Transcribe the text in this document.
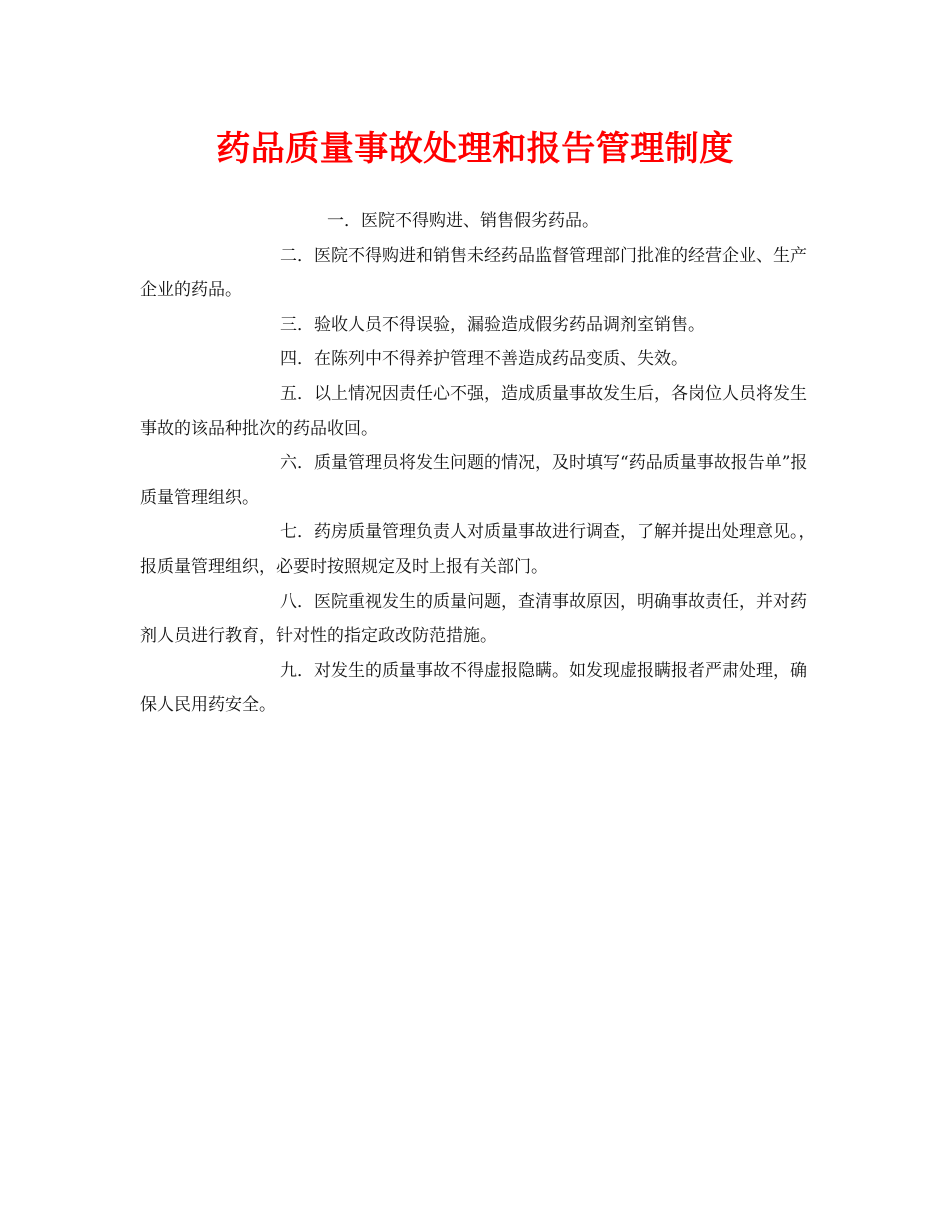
药品质量事故处理和报告管理制度

一．医院不得购进、销售假劣药品。

二．医院不得购进和销售未经药品监督管理部门批准的经营企业、生产企业的药品。

三．验收人员不得误验，漏验造成假劣药品调剂室销售。

四．在陈列中不得养护管理不善造成药品变质、失效。

五．以上情况因责任心不强，造成质量事故发生后，各岗位人员将发生事故的该品种批次的药品收回。

六．质量管理员将发生问题的情况，及时填写“药品质量事故报告单”报质量管理组织。

七．药房质量管理负责人对质量事故进行调查，了解并提出处理意见。，报质量管理组织，必要时按照规定及时上报有关部门。

八．医院重视发生的质量问题，查清事故原因，明确事故责任，并对药剂人员进行教育，针对性的指定政改防范措施。

九．对发生的质量事故不得虚报隐瞒。如发现虚报瞒报者严肃处理，确保人民用药安全。
